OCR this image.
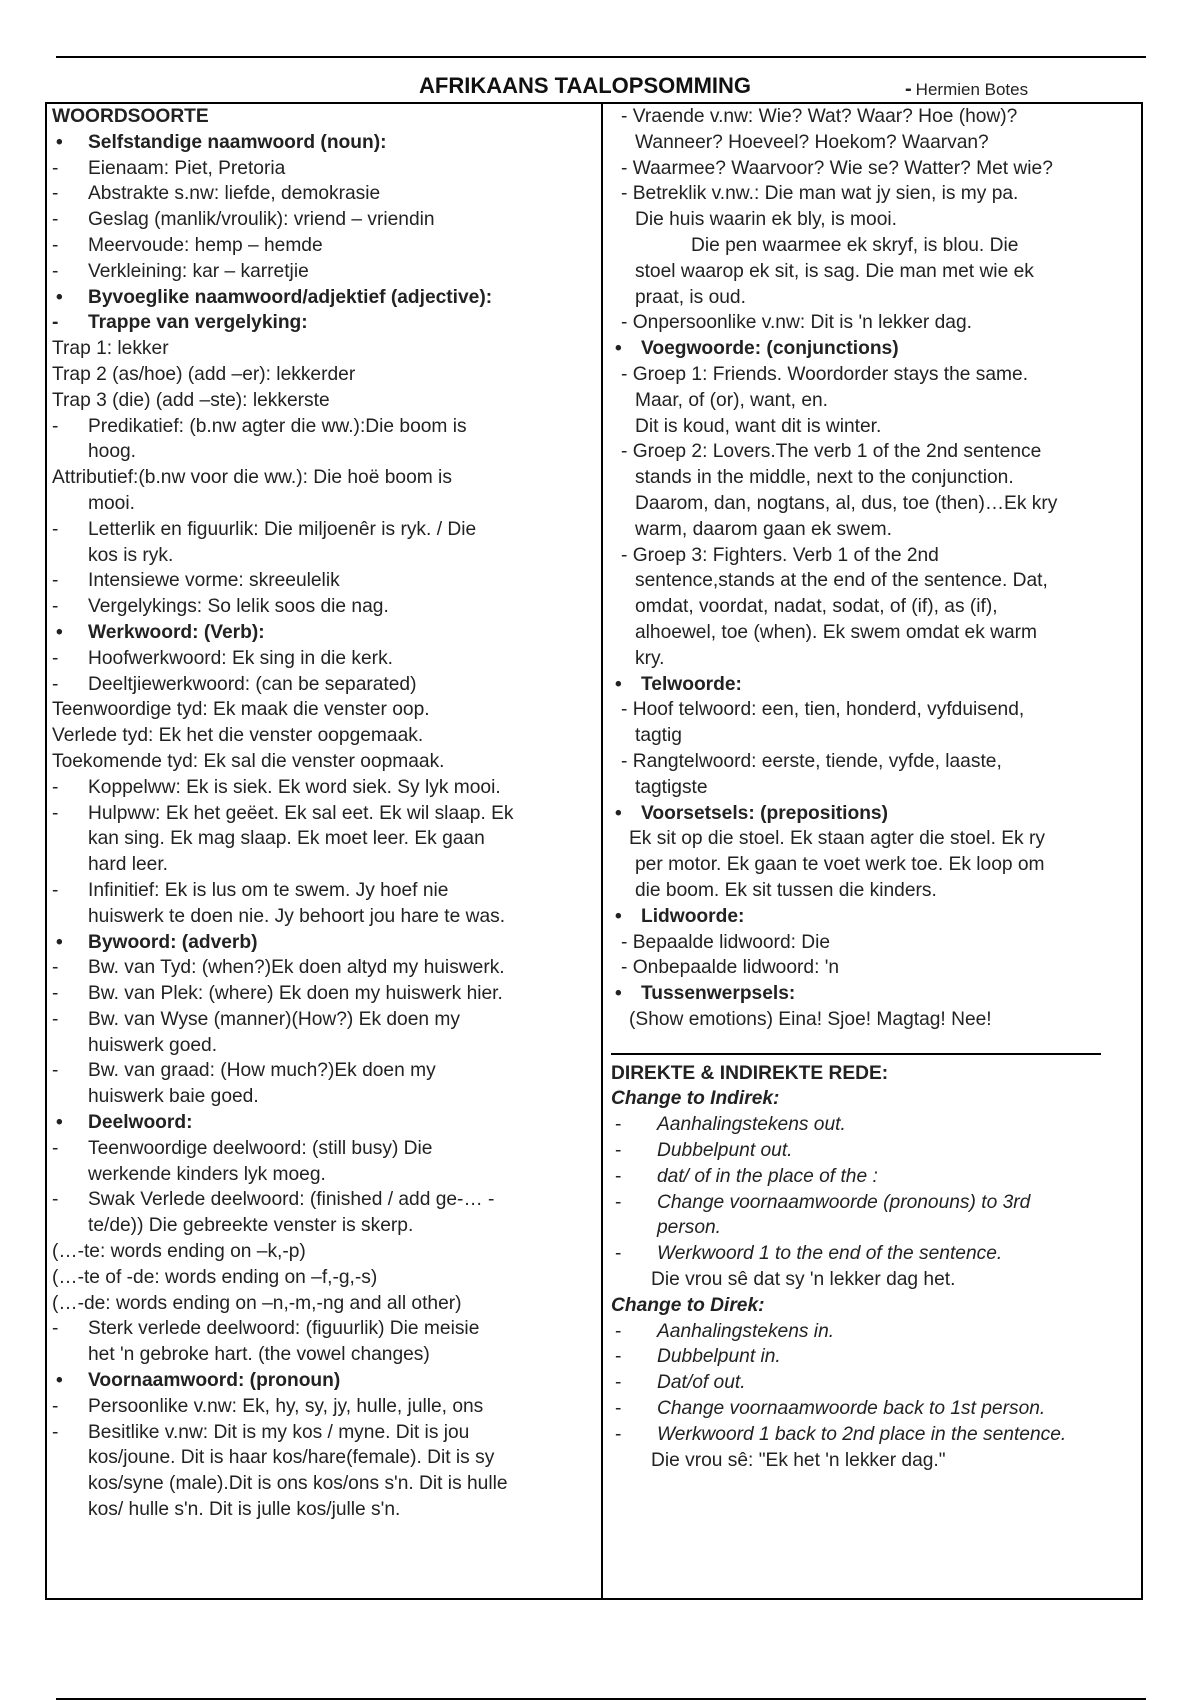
AFRIKAANS TAALOPSOMMING	- Hermien Botes
WOORDSOORTE
• Selfstandige naamwoord (noun):
- Eienaam: Piet, Pretoria
- Abstrakte s.nw: liefde, demokrasie
- Geslag (manlik/vroulik): vriend – vriendin
- Meervoude: hemp – hemde
- Verkleining: kar – karretjie
• Byvoeglike naamwoord/adjektief (adjective):
- Trappe van vergelyking:
Trap 1: lekker
Trap 2 (as/hoe) (add –er): lekkerder
Trap 3 (die) (add –ste): lekkerste
- Predikatief: (b.nw agter die ww.):Die boom is
hoog.
Attributief:(b.nw voor die ww.): Die hoë boom is
mooi.
- Letterlik en figuurlik: Die miljoenêr is ryk. / Die
kos is ryk.
- Intensiewe vorme: skreeulelik
- Vergelykings: So lelik soos die nag.
• Werkwoord: (Verb):
- Hoofwerkwoord: Ek sing in die kerk.
- Deeltjiewerkwoord: (can be separated)
Teenwoordige tyd: Ek maak die venster oop.
Verlede tyd: Ek het die venster oopgemaak.
Toekomende tyd: Ek sal die venster oopmaak.
- Koppelww: Ek is siek. Ek word siek. Sy lyk mooi.
- Hulpww: Ek het geëet. Ek sal eet. Ek wil slaap. Ek
kan sing. Ek mag slaap. Ek moet leer. Ek gaan
hard leer.
- Infinitief: Ek is lus om te swem. Jy hoef nie
huiswerk te doen nie. Jy behoort jou hare te was.
• Bywoord: (adverb)
- Bw. van Tyd: (when?)Ek doen altyd my huiswerk.
- Bw. van Plek: (where) Ek doen my huiswerk hier.
- Bw. van Wyse (manner)(How?) Ek doen my
huiswerk goed.
- Bw. van graad: (How much?)Ek doen my
huiswerk baie goed.
• Deelwoord:
- Teenwoordige deelwoord: (still busy) Die
werkende kinders lyk moeg.
- Swak Verlede deelwoord: (finished / add ge-… -
te/de)) Die gebreekte venster is skerp.
(…-te: words ending on –k,-p)
(…-te of -de: words ending on –f,-g,-s)
(…-de: words ending on –n,-m,-ng and all other)
- Sterk verlede deelwoord: (figuurlik) Die meisie
het 'n gebroke hart. (the vowel changes)
• Voornaamwoord: (pronoun)
- Persoonlike v.nw: Ek, hy, sy, jy, hulle, julle, ons
- Besitlike v.nw: Dit is my kos / myne. Dit is jou
kos/joune. Dit is haar kos/hare(female). Dit is sy
kos/syne (male).Dit is ons kos/ons s'n. Dit is hulle
kos/ hulle s'n. Dit is julle kos/julle s'n.
- Vraende v.nw: Wie? Wat? Waar? Hoe (how)?
Wanneer? Hoeveel? Hoekom? Waarvan?
- Waarmee? Waarvoor? Wie se? Watter? Met wie?
- Betreklik v.nw.: Die man wat jy sien, is my pa.
Die huis waarin ek bly, is mooi.
Die pen waarmee ek skryf, is blou. Die
stoel waarop ek sit, is sag. Die man met wie ek
praat, is oud.
- Onpersoonlike v.nw: Dit is 'n lekker dag.
• Voegwoorde: (conjunctions)
- Groep 1: Friends. Woordorder stays the same.
Maar, of (or), want, en.
Dit is koud, want dit is winter.
- Groep 2: Lovers.The verb 1 of the 2nd sentence
stands in the middle, next to the conjunction.
Daarom, dan, nogtans, al, dus, toe (then)…Ek kry
warm, daarom gaan ek swem.
- Groep 3: Fighters. Verb 1 of the 2nd
sentence,stands at the end of the sentence. Dat,
omdat, voordat, nadat, sodat, of (if), as (if),
alhoewel, toe (when). Ek swem omdat ek warm
kry.
• Telwoorde:
- Hoof telwoord: een, tien, honderd, vyfduisend,
tagtig
- Rangtelwoord: eerste, tiende, vyfde, laaste,
tagtigste
• Voorsetsels: (prepositions)
Ek sit op die stoel. Ek staan agter die stoel. Ek ry
per motor. Ek gaan te voet werk toe. Ek loop om
die boom. Ek sit tussen die kinders.
• Lidwoorde:
- Bepaalde lidwoord: Die
- Onbepaalde lidwoord: 'n
• Tussenwerpsels:
(Show emotions) Eina! Sjoe! Magtag! Nee!
DIREKTE & INDIREKTE REDE:
Change to Indirek:
- Aanhalingstekens out.
- Dubbelpunt out.
- dat/ of in the place of the :
- Change voornaamwoorde (pronouns) to 3rd
person.
- Werkwoord 1 to the end of the sentence.
Die vrou sê dat sy 'n lekker dag het.
Change to Direk:
- Aanhalingstekens in.
- Dubbelpunt in.
- Dat/of out.
- Change voornaamwoorde back to 1st person.
- Werkwoord 1 back to 2nd place in the sentence.
Die vrou sê: "Ek het 'n lekker dag."
